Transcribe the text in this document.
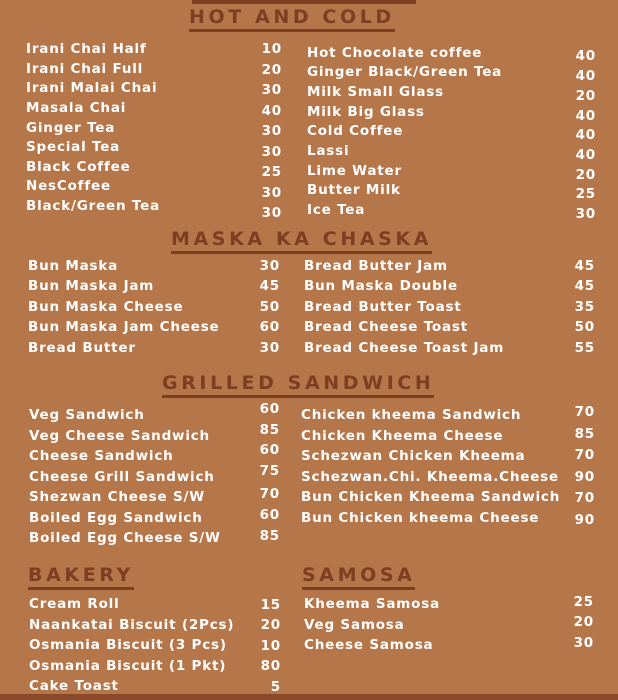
HOT AND COLD
Irani Chai Half	10
Irani Chai Full	20
Irani Malai Chai	30
Masala Chai	40
Ginger Tea	30
Special Tea	30
Black Coffee	25
NesCoffee	30
Black/Green Tea	30
Hot Chocolate coffee	40
Ginger Black/Green Tea	40
Milk Small Glass	20
Milk Big Glass	40
Cold Coffee	40
Lassi	40
Lime Water	20
Butter Milk	25
Ice Tea	30
MASKA KA CHASKA
Bun Maska	30
Bun Maska Jam	45
Bun Maska Cheese	50
Bun Maska Jam Cheese	60
Bread Butter	30
Bread Butter Jam	45
Bun Maska Double	45
Bread Butter Toast	35
Bread Cheese Toast	50
Bread Cheese Toast Jam	55
GRILLED SANDWICH
Veg Sandwich	60
Veg Cheese Sandwich	85
Cheese Sandwich	60
Cheese Grill Sandwich	75
Shezwan Cheese S/W	70
Boiled Egg Sandwich	60
Boiled Egg Cheese S/W	85
Chicken kheema Sandwich	70
Chicken Kheema Cheese	85
Schezwan Chicken Kheema	70
Schezwan.Chi. Kheema.Cheese	90
Bun Chicken Kheema Sandwich	70
Bun Chicken kheema Cheese	90
BAKERY
Cream Roll	15
Naankatai Biscuit (2Pcs)	20
Osmania Biscuit (3 Pcs)	10
Osmania Biscuit (1 Pkt)	80
Cake Toast	5
SAMOSA
Kheema Samosa	25
Veg Samosa	20
Cheese Samosa	30
